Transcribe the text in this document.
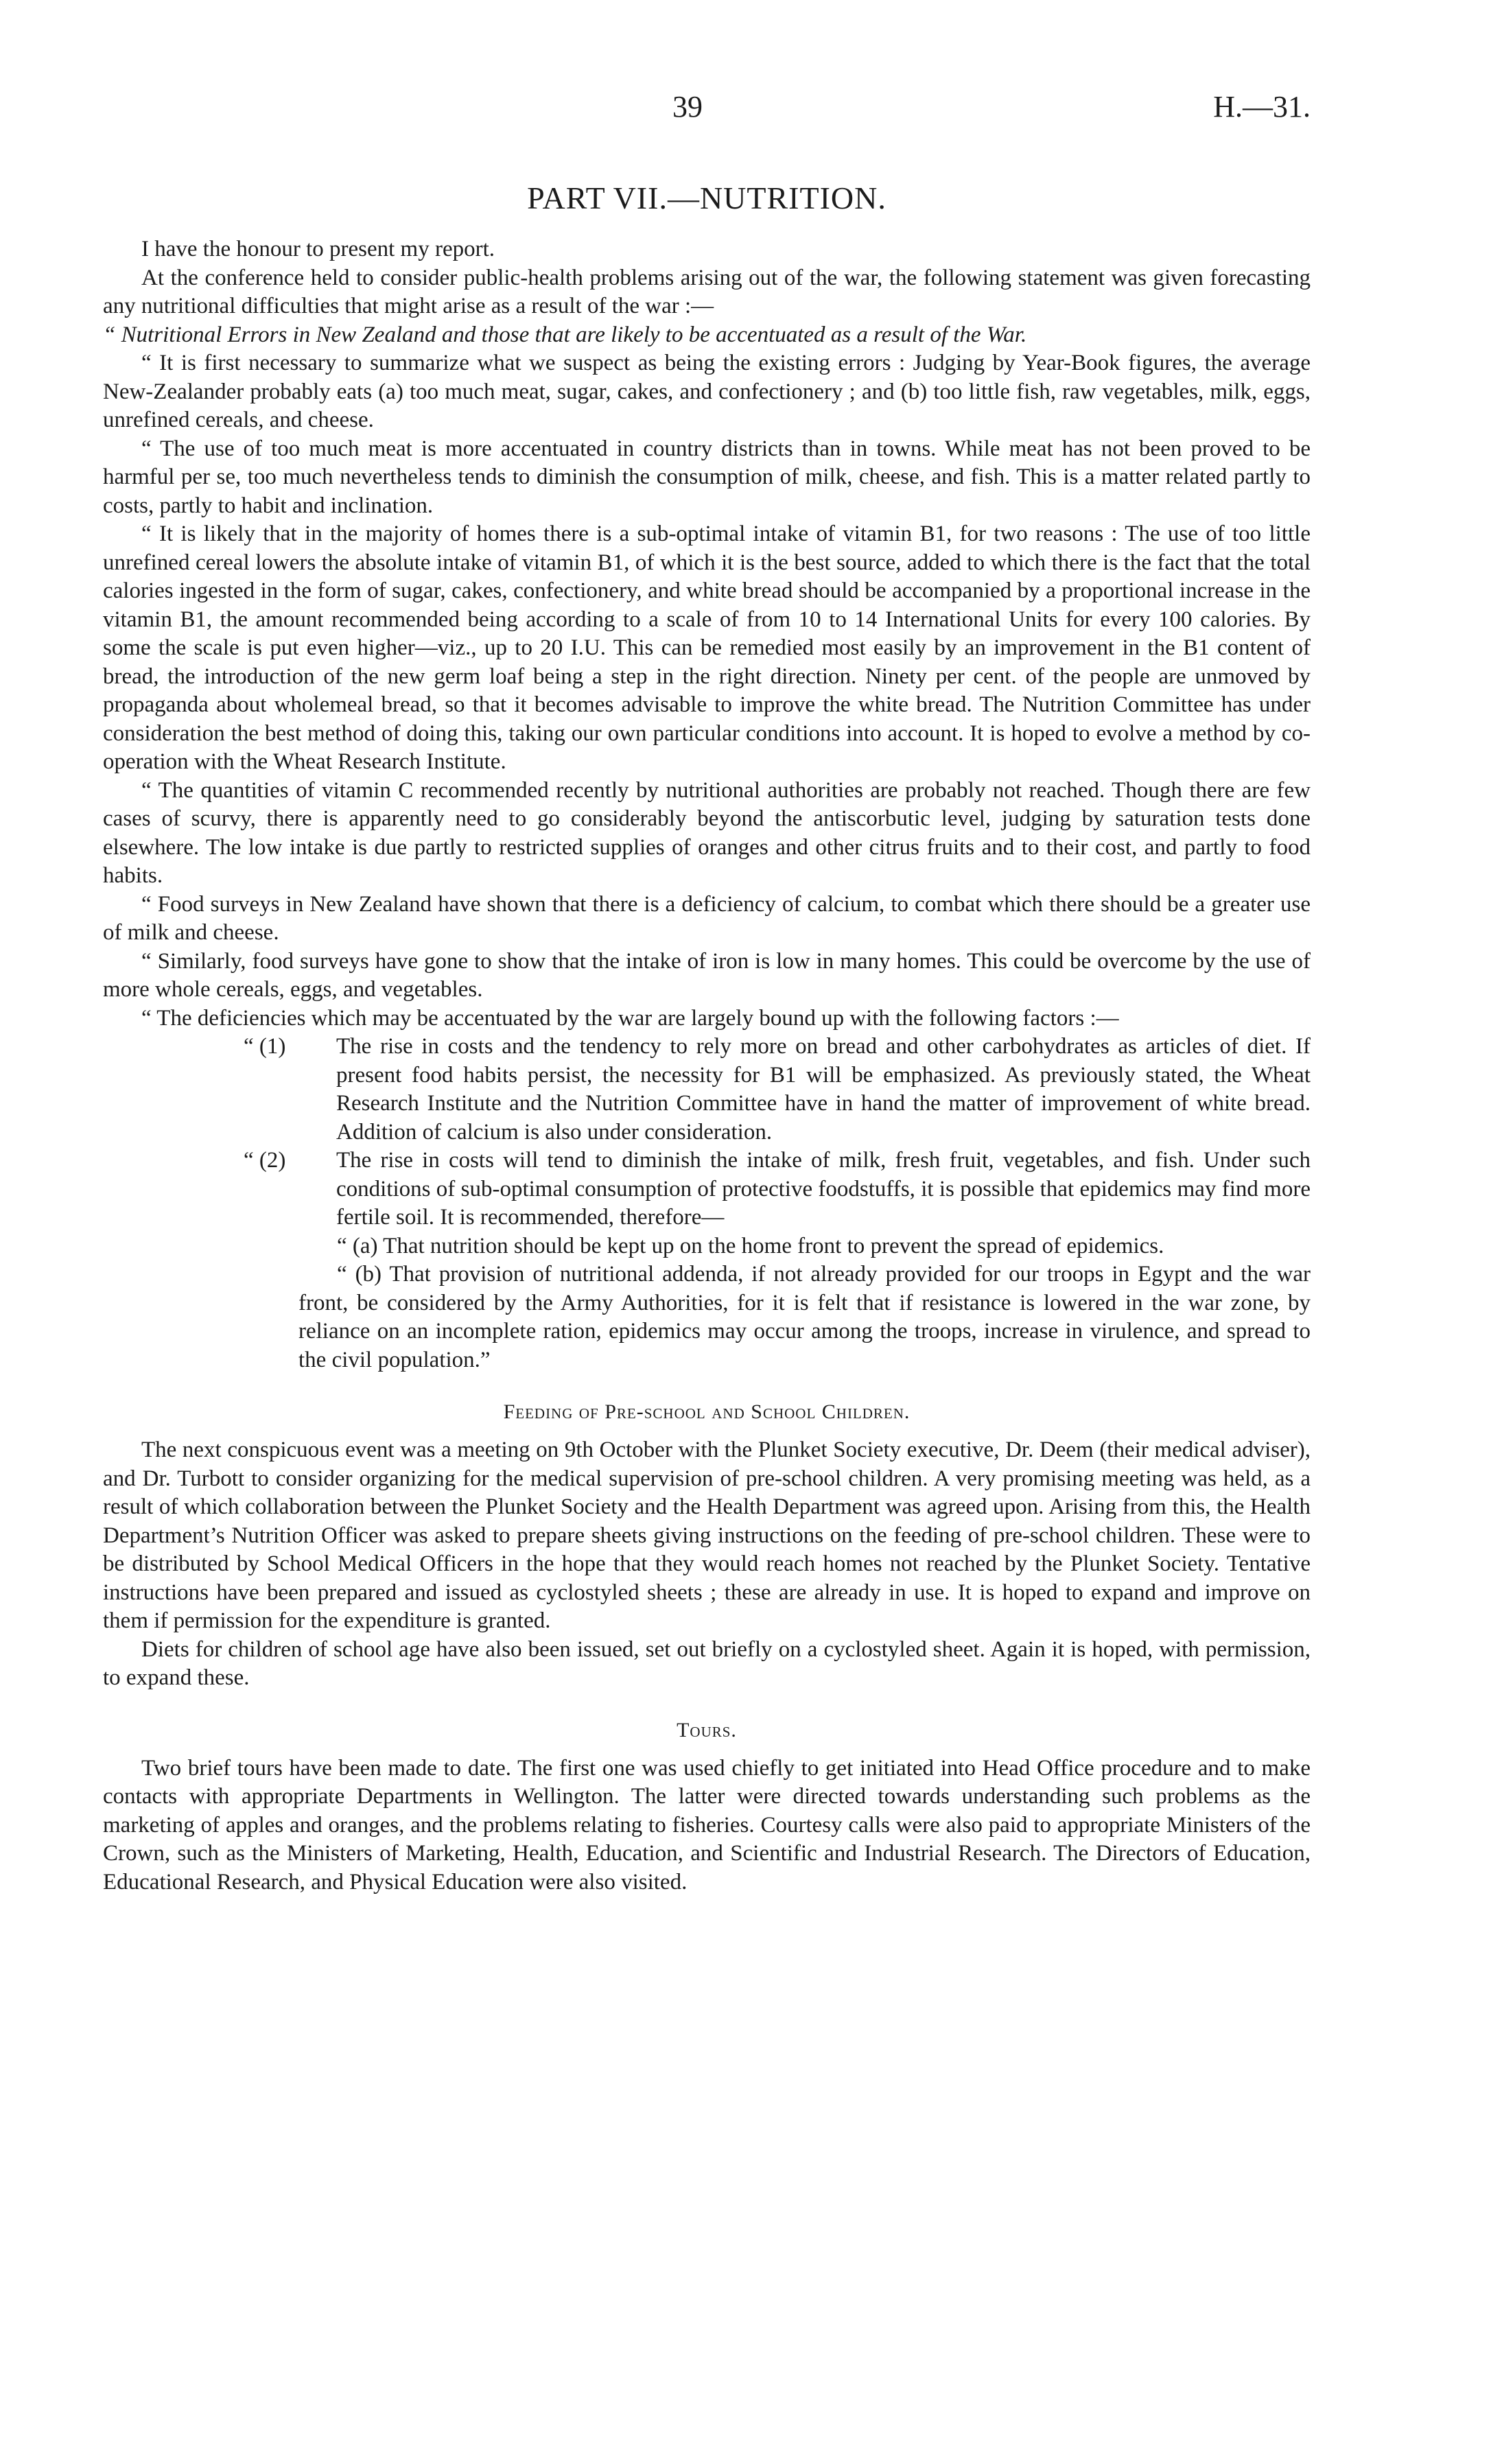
39	H.—31.
PART VII.—NUTRITION.

I have the honour to present my report.

At the conference held to consider public-health problems arising out of the war, the following statement was given forecasting any nutritional difficulties that might arise as a result of the war :—

“ Nutritional Errors in New Zealand and those that are likely to be accentuated as a result of the War.

“ It is first necessary to summarize what we suspect as being the existing errors : Judging by Year-Book figures, the average New-Zealander probably eats (a) too much meat, sugar, cakes, and confectionery ; and (b) too little fish, raw vegetables, milk, eggs, unrefined cereals, and cheese.

“ The use of too much meat is more accentuated in country districts than in towns. While meat has not been proved to be harmful per se, too much nevertheless tends to diminish the consumption of milk, cheese, and fish. This is a matter related partly to costs, partly to habit and inclination.

“ It is likely that in the majority of homes there is a sub-optimal intake of vitamin B1, for two reasons : The use of too little unrefined cereal lowers the absolute intake of vitamin B1, of which it is the best source, added to which there is the fact that the total calories ingested in the form of sugar, cakes, confectionery, and white bread should be accompanied by a proportional increase in the vitamin B1, the amount recommended being according to a scale of from 10 to 14 International Units for every 100 calories. By some the scale is put even higher—viz., up to 20 I.U. This can be remedied most easily by an improvement in the B1 content of bread, the introduction of the new germ loaf being a step in the right direction. Ninety per cent. of the people are unmoved by propaganda about wholemeal bread, so that it becomes advisable to improve the white bread. The Nutrition Committee has under consideration the best method of doing this, taking our own particular conditions into account. It is hoped to evolve a method by co-operation with the Wheat Research Institute.

“ The quantities of vitamin C recommended recently by nutritional authorities are probably not reached. Though there are few cases of scurvy, there is apparently need to go considerably beyond the antiscorbutic level, judging by saturation tests done elsewhere. The low intake is due partly to restricted supplies of oranges and other citrus fruits and to their cost, and partly to food habits.

“ Food surveys in New Zealand have shown that there is a deficiency of calcium, to combat which there should be a greater use of milk and cheese.

“ Similarly, food surveys have gone to show that the intake of iron is low in many homes. This could be overcome by the use of more whole cereals, eggs, and vegetables.

“ The deficiencies which may be accentuated by the war are largely bound up with the following factors :—

“ (1) The rise in costs and the tendency to rely more on bread and other carbohydrates as articles of diet. If present food habits persist, the necessity for B1 will be emphasized. As previously stated, the Wheat Research Institute and the Nutrition Committee have in hand the matter of improvement of white bread. Addition of calcium is also under consideration.
“ (2) The rise in costs will tend to diminish the intake of milk, fresh fruit, vegetables, and fish. Under such conditions of sub-optimal consumption of protective foodstuffs, it is possible that epidemics may find more fertile soil. It is recommended, therefore—
“ (a) That nutrition should be kept up on the home front to prevent the spread of epidemics.
“ (b) That provision of nutritional addenda, if not already provided for our troops in Egypt and the war front, be considered by the Army Authorities, for it is felt that if resistance is lowered in the war zone, by reliance on an incomplete ration, epidemics may occur among the troops, increase in virulence, and spread to the civil population.”
Feeding of Pre-school and School Children.

The next conspicuous event was a meeting on 9th October with the Plunket Society executive, Dr. Deem (their medical adviser), and Dr. Turbott to consider organizing for the medical supervision of pre-school children. A very promising meeting was held, as a result of which collaboration between the Plunket Society and the Health Department was agreed upon. Arising from this, the Health Department’s Nutrition Officer was asked to prepare sheets giving instructions on the feeding of pre-school children. These were to be distributed by School Medical Officers in the hope that they would reach homes not reached by the Plunket Society. Tentative instructions have been prepared and issued as cyclostyled sheets ; these are already in use. It is hoped to expand and improve on them if permission for the expenditure is granted.

Diets for children of school age have also been issued, set out briefly on a cyclostyled sheet. Again it is hoped, with permission, to expand these.

Tours.

Two brief tours have been made to date. The first one was used chiefly to get initiated into Head Office procedure and to make contacts with appropriate Departments in Wellington. The latter were directed towards understanding such problems as the marketing of apples and oranges, and the problems relating to fisheries. Courtesy calls were also paid to appropriate Ministers of the Crown, such as the Ministers of Marketing, Health, Education, and Scientific and Industrial Research. The Directors of Education, Educational Research, and Physical Education were also visited.
